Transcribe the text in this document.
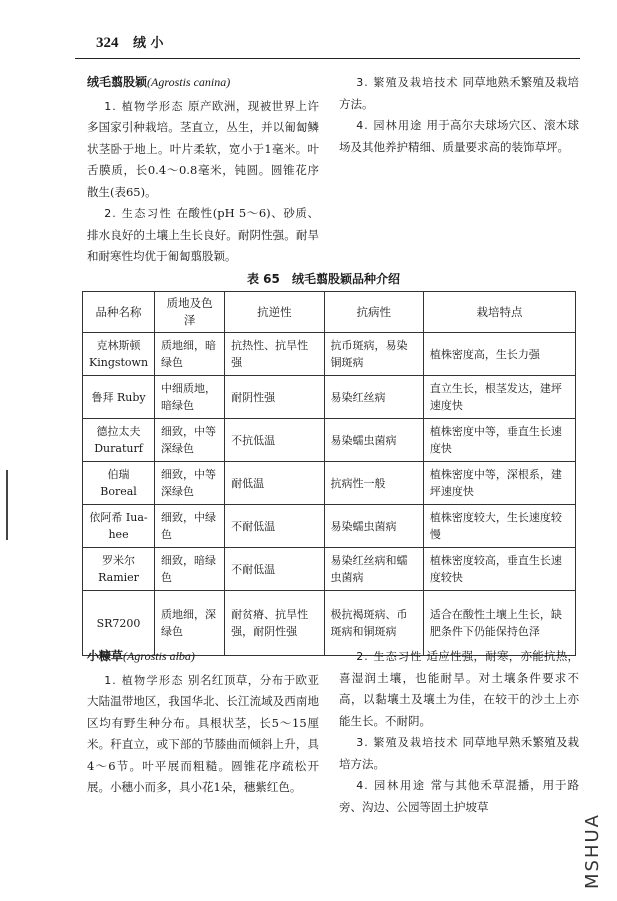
324 绒 小
绒毛翦股颖(Agrostis canina)

1. 植物学形态 原产欧洲，现被世界上许多国家引种栽培。茎直立，丛生，并以匍匐鳞状茎卧于地上。叶片柔软，宽小于1毫米。叶舌膜质，长0.4～0.8毫米，钝圆。圆锥花序散生(表65)。

2. 生态习性 在酸性(pH 5～6)、砂质、排水良好的土壤上生长良好。耐阴性强。耐旱和耐寒性均优于匍匐翦股颖。

3. 繁殖及栽培技术 同草地熟禾繁殖及栽培方法。

4. 园林用途 用于高尔夫球场穴区、滚木球场及其他养护精细、质量要求高的装饰草坪。

表 65 绒毛翦股颖品种介绍
品种名称	质地及色泽	抗逆性	抗病性	栽培特点
克林斯顿 Kingstown	质地细，暗绿色	抗热性、抗旱性强	抗币斑病，易染铜斑病	植株密度高，生长力强
鲁拜 Ruby	中细质地，暗绿色	耐阴性强	易染红丝病	直立生长，根茎发达，建坪速度快
德拉太夫 Duraturf	细致，中等深绿色	不抗低温	易染蠕虫菌病	植株密度中等，垂直生长速度快
伯瑞 Boreal	细致，中等深绿色	耐低温	抗病性一般	植株密度中等，深根系，建坪速度快
依阿希 Iua-hee	细致，中绿色	不耐低温	易染蠕虫菌病	植株密度较大，生长速度较慢
罗米尔 Ramier	细致，暗绿色	不耐低温	易染红丝病和蠕虫菌病	植株密度较高，垂直生长速度较快
SR7200	质地细，深绿色	耐贫瘠、抗旱性强，耐阴性强	极抗褐斑病、币斑病和铜斑病	适合在酸性土壤上生长，缺肥条件下仍能保持色泽
小糠草(Agrostis alba)

1. 植物学形态 别名红顶草，分布于欧亚大陆温带地区，我国华北、长江流域及西南地区均有野生种分布。具根状茎，长5～15厘米。秆直立，或下部的节膝曲而倾斜上升，具4～6节。叶平展而粗糙。圆锥花序疏松开展。小穗小而多，具小花1朵，穗紫红色。

2. 生态习性 适应性强，耐寒，亦能抗热，喜湿润土壤，也能耐旱。对土壤条件要求不高，以黏壤土及壤土为佳，在较干的沙土上亦能生长。不耐阴。

3. 繁殖及栽培技术 同草地早熟禾繁殖及栽培方法。

4. 园林用途 常与其他禾草混播，用于路旁、沟边、公园等固土护坡草

MSHUA
